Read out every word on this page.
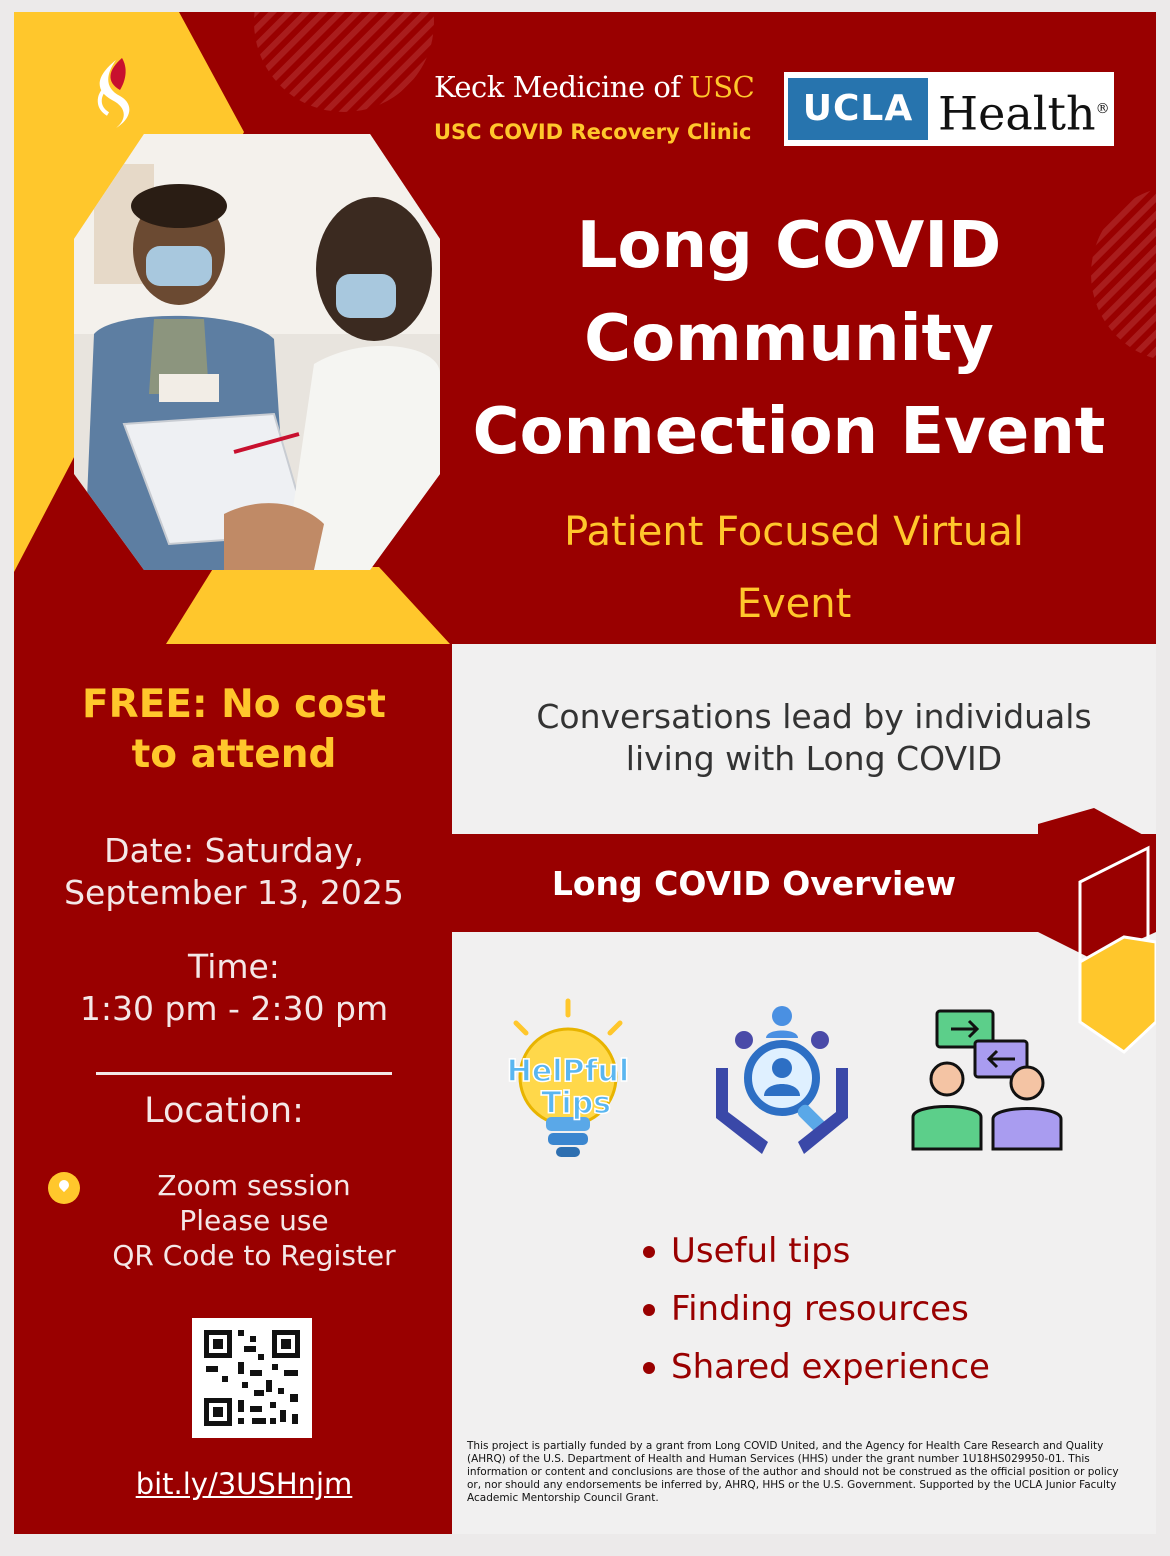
Keck Medicine of USC
USC COVID Recovery Clinic
UCLA Health®
Long COVID
Community
Connection Event
Patient Focused Virtual
Event
FREE: No cost
to attend
Date: Saturday,
September 13, 2025
Time:
1:30 pm - 2:30 pm
Location:
Zoom session
Please use
QR Code to Register
bit.ly/3USHnjm
Conversations lead by individuals
living with Long COVID
Long COVID Overview
HelPful
Tips
Useful tips
Finding resources
Shared experience
This project is partially funded by a grant from Long COVID United, and the Agency for Health Care Research and Quality (AHRQ) of the U.S. Department of Health and Human Services (HHS) under the grant number 1U18HS029950-01. This information or content and conclusions are those of the author and should not be construed as the official position or policy or, nor should any endorsements be inferred by, AHRQ, HHS or the U.S. Government. Supported by the UCLA Junior Faculty Academic Mentorship Council Grant.
